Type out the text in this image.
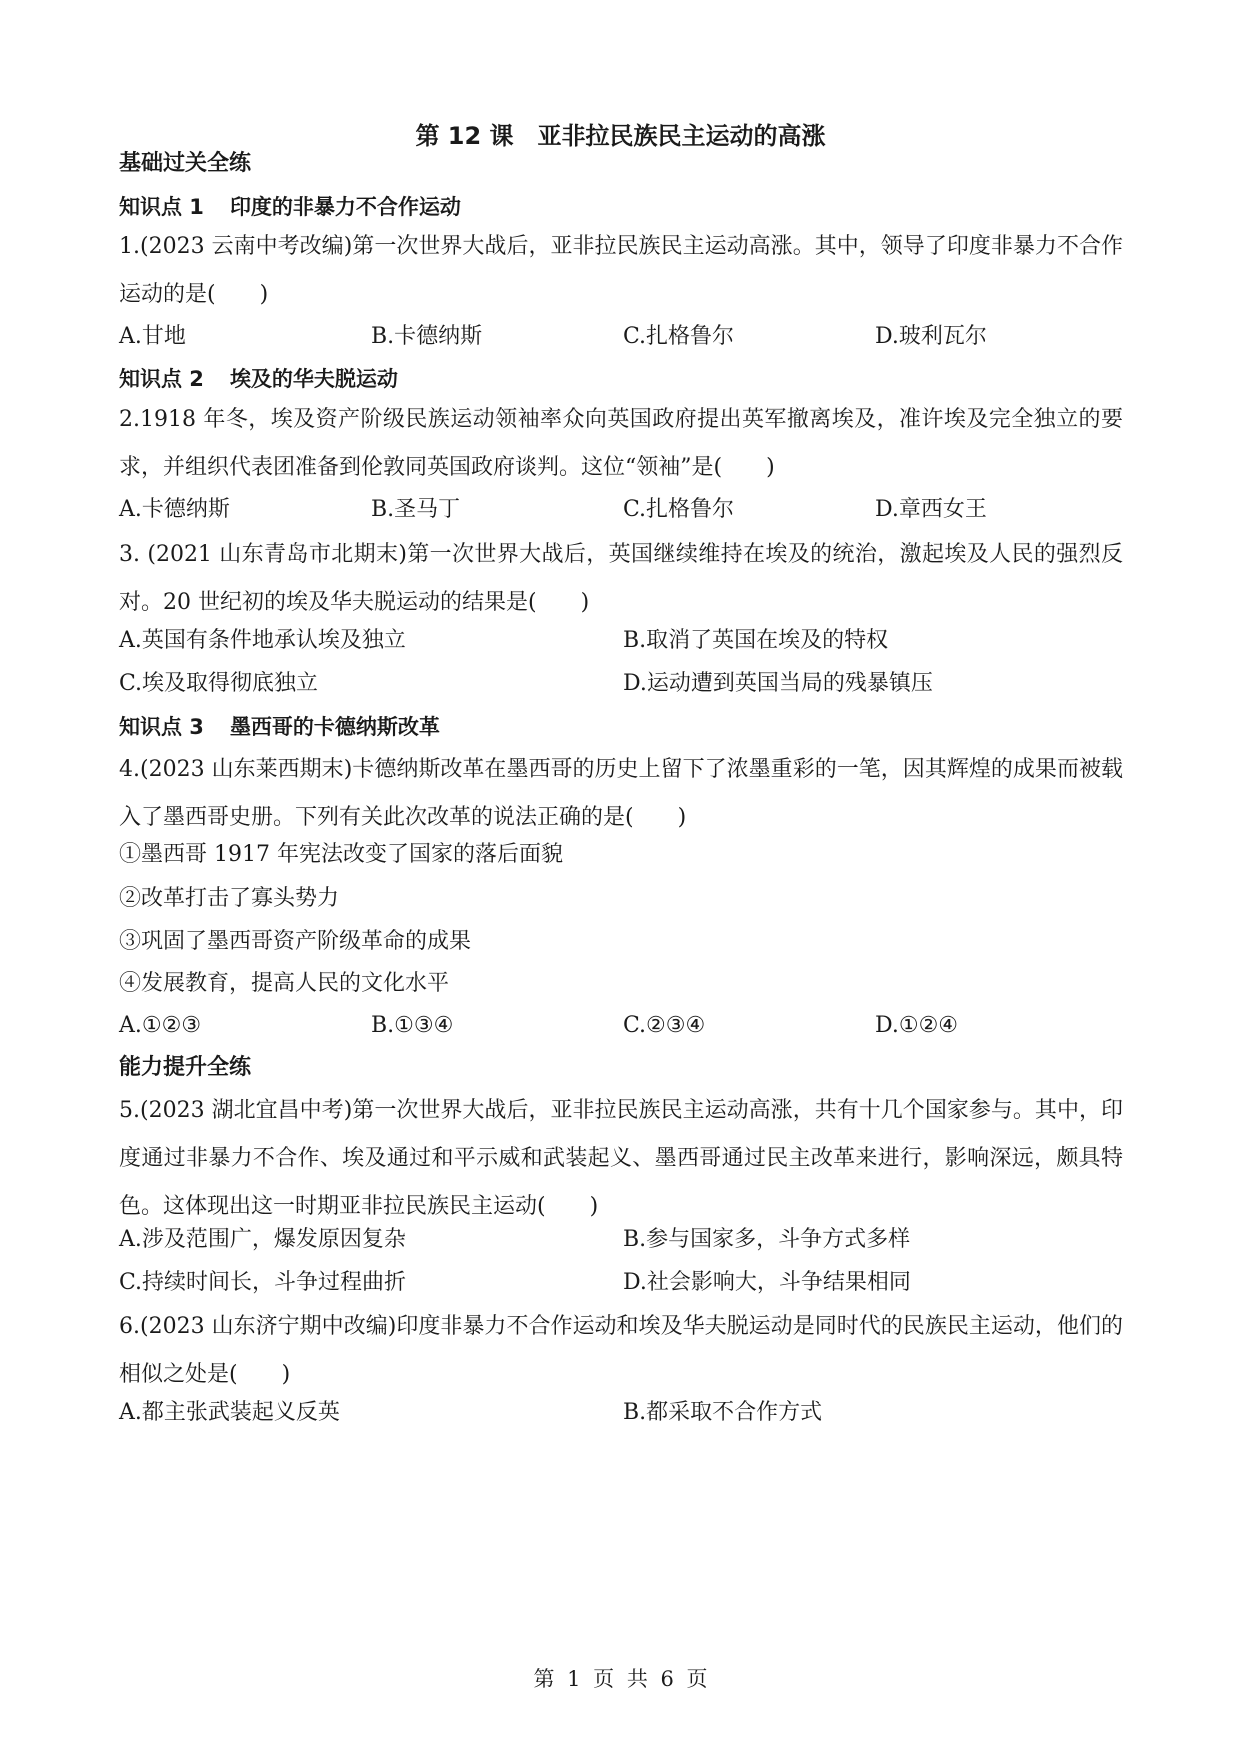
第 12 课　亚非拉民族民主运动的高涨
基础过关全练
知识点 1 印度的非暴力不合作运动
1.(2023 云南中考改编)第一次世界大战后，亚非拉民族民主运动高涨。其中，领导了印度非暴力不合作运动的是(　　)
A.甘地	B.卡德纳斯	C.扎格鲁尔	D.玻利瓦尔
知识点 2 埃及的华夫脱运动
2.1918 年冬，埃及资产阶级民族运动领袖率众向英国政府提出英军撤离埃及，准许埃及完全独立的要求，并组织代表团准备到伦敦同英国政府谈判。这位“领袖”是(　　)
A.卡德纳斯	B.圣马丁	C.扎格鲁尔	D.章西女王
3. (2021 山东青岛市北期末)第一次世界大战后，英国继续维持在埃及的统治，激起埃及人民的强烈反对。20 世纪初的埃及华夫脱运动的结果是(　　)
A.英国有条件地承认埃及独立	B.取消了英国在埃及的特权
C.埃及取得彻底独立	D.运动遭到英国当局的残暴镇压
知识点 3 墨西哥的卡德纳斯改革
4.(2023 山东莱西期末)卡德纳斯改革在墨西哥的历史上留下了浓墨重彩的一笔，因其辉煌的成果而被载入了墨西哥史册。下列有关此次改革的说法正确的是(　　)
①墨西哥 1917 年宪法改变了国家的落后面貌
②改革打击了寡头势力
③巩固了墨西哥资产阶级革命的成果
④发展教育，提高人民的文化水平
A.①②③	B.①③④	C.②③④	D.①②④
能力提升全练
5.(2023 湖北宜昌中考)第一次世界大战后，亚非拉民族民主运动高涨，共有十几个国家参与。其中，印度通过非暴力不合作、埃及通过和平示威和武装起义、墨西哥通过民主改革来进行，影响深远，颇具特色。这体现出这一时期亚非拉民族民主运动(　　)
A.涉及范围广，爆发原因复杂	B.参与国家多，斗争方式多样
C.持续时间长，斗争过程曲折	D.社会影响大，斗争结果相同
6.(2023 山东济宁期中改编)印度非暴力不合作运动和埃及华夫脱运动是同时代的民族民主运动，他们的相似之处是(　　)
A.都主张武装起义反英	B.都采取不合作方式
第 1 页 共 6 页
